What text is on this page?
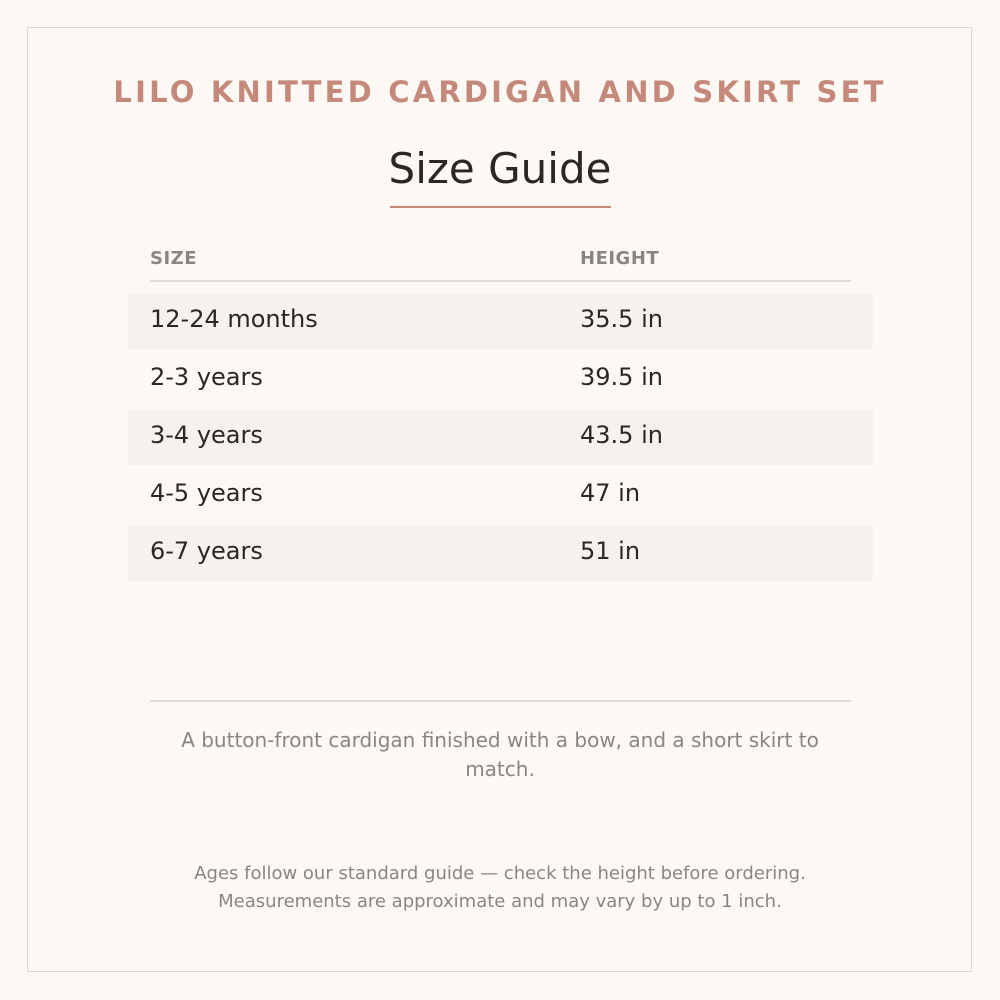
LILO KNITTED CARDIGAN AND SKIRT SET
Size Guide
SIZE	HEIGHT
12-24 months	35.5 in
2-3 years	39.5 in
3-4 years	43.5 in
4-5 years	47 in
6-7 years	51 in
A button-front cardigan finished with a bow, and a short skirt to match.
Ages follow our standard guide — check the height before ordering.
Measurements are approximate and may vary by up to 1 inch.
